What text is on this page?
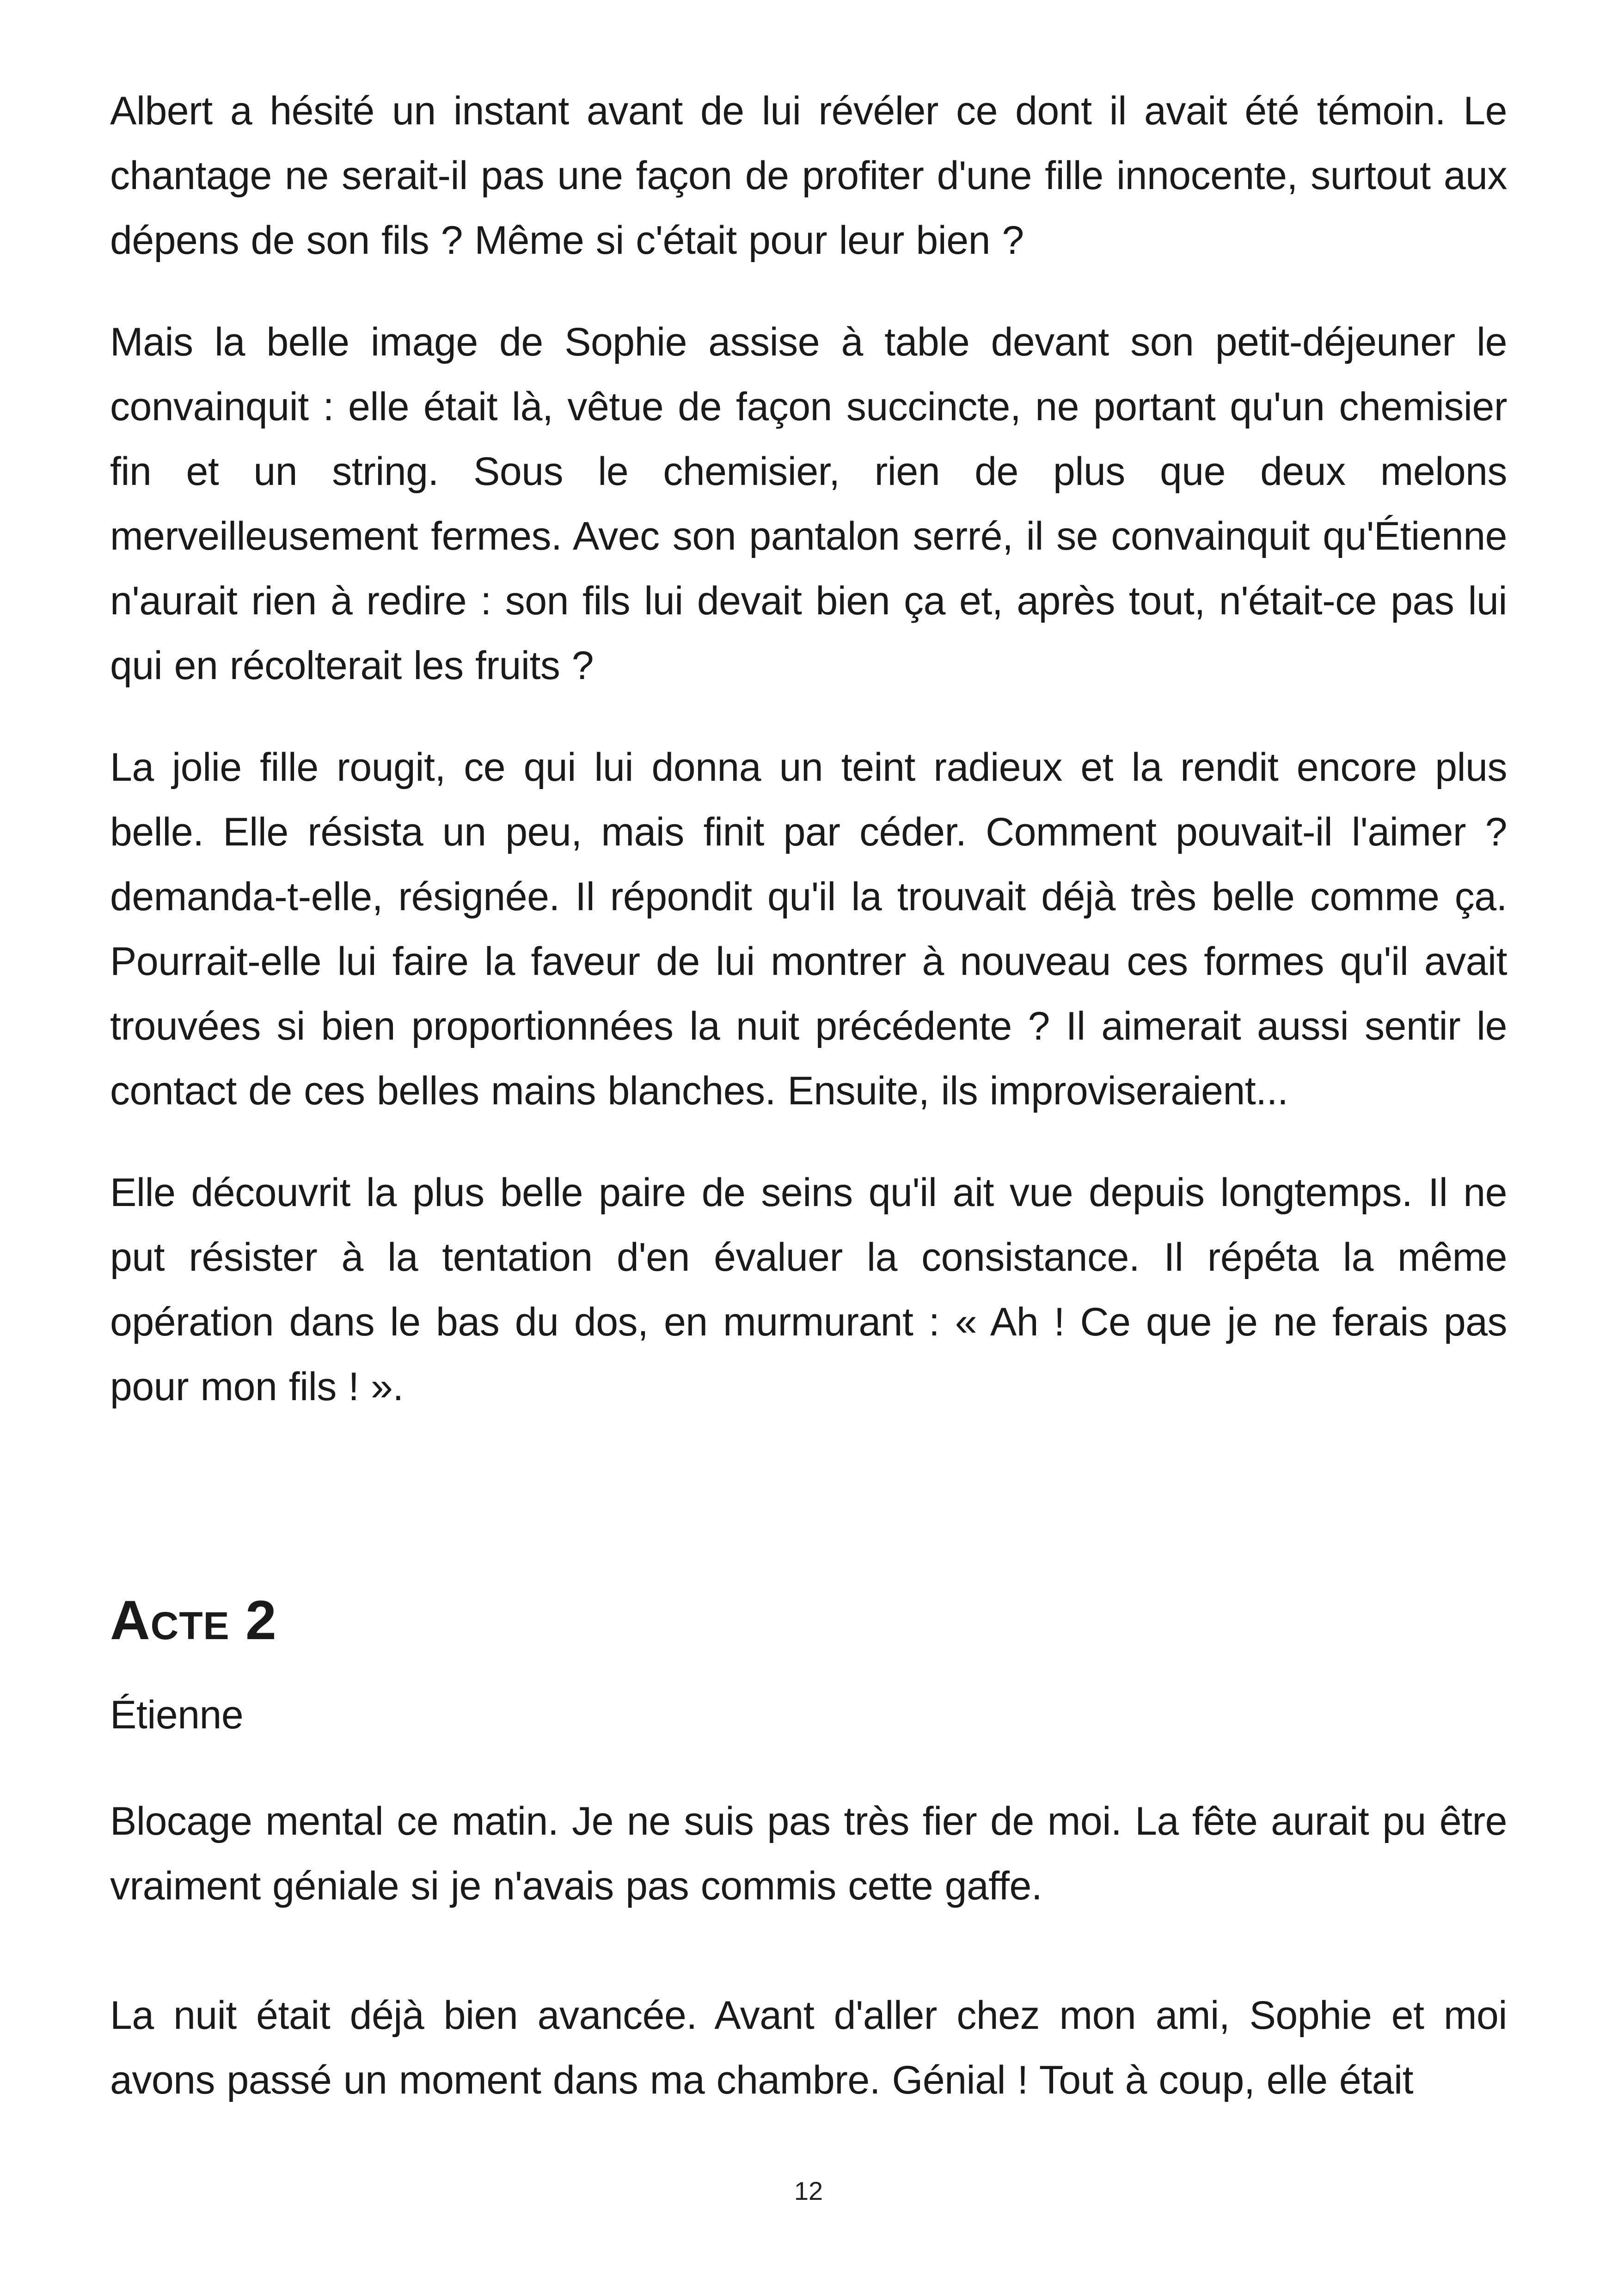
Albert a hésité un instant avant de lui révéler ce dont il avait été témoin. Le chantage ne serait-il pas une façon de profiter d'une fille innocente, surtout aux dépens de son fils ? Même si c'était pour leur bien ?

Mais la belle image de Sophie assise à table devant son petit-déjeuner le convainquit : elle était là, vêtue de façon succincte, ne portant qu'un chemisier fin et un string. Sous le chemisier, rien de plus que deux melons merveilleusement fermes. Avec son pantalon serré, il se convainquit qu'Étienne n'aurait rien à redire : son fils lui devait bien ça et, après tout, n'était-ce pas lui qui en récolterait les fruits ?

La jolie fille rougit, ce qui lui donna un teint radieux et la rendit encore plus belle. Elle résista un peu, mais finit par céder. Comment pouvait-il l'aimer ? demanda-t-elle, résignée. Il répondit qu'il la trouvait déjà très belle comme ça. Pourrait-elle lui faire la faveur de lui montrer à nouveau ces formes qu'il avait trouvées si bien proportionnées la nuit précédente ? Il aimerait aussi sentir le contact de ces belles mains blanches. Ensuite, ils improviseraient...

Elle découvrit la plus belle paire de seins qu'il ait vue depuis longtemps. Il ne put résister à la tentation d'en évaluer la consistance. Il répéta la même opération dans le bas du dos, en murmurant : « Ah ! Ce que je ne ferais pas pour mon fils ! ».

Acte 2

Étienne

Blocage mental ce matin. Je ne suis pas très fier de moi. La fête aurait pu être vraiment géniale si je n'avais pas commis cette gaffe.

La nuit était déjà bien avancée. Avant d'aller chez mon ami, Sophie et moi avons passé un moment dans ma chambre. Génial ! Tout à coup, elle était

12
